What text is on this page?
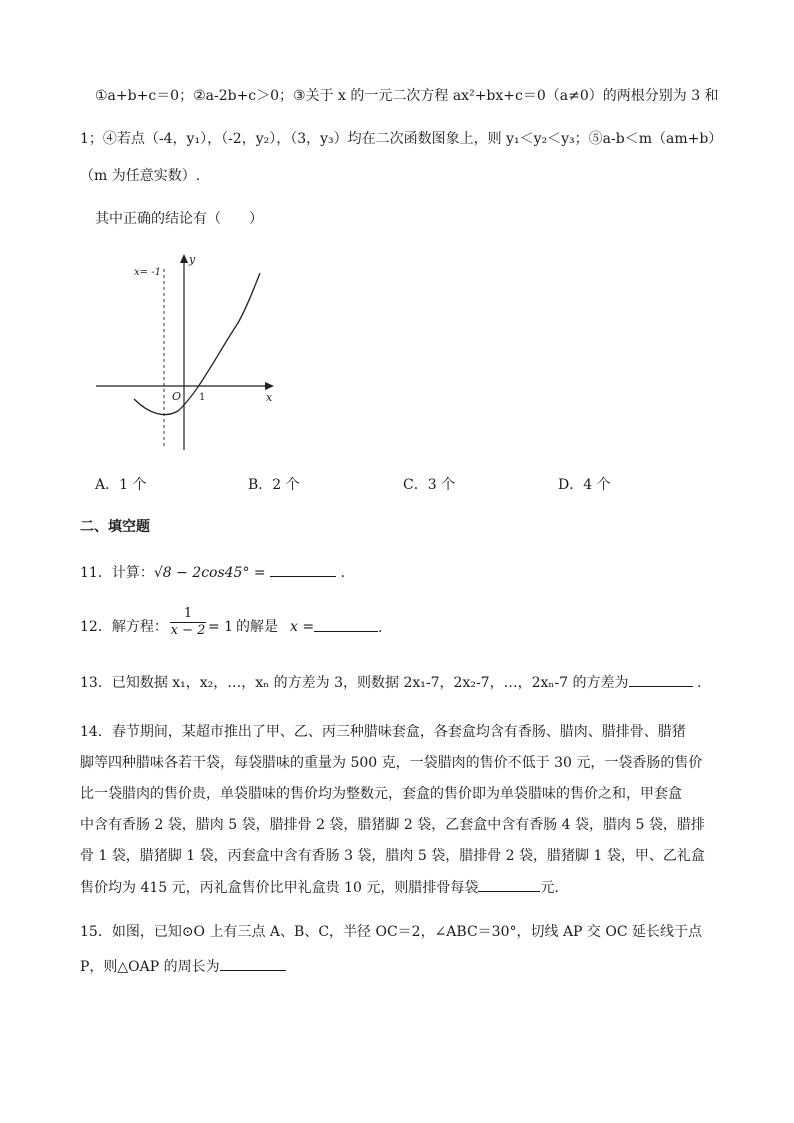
①a+b+c＝0；②a-2b+c＞0；③关于 x 的一元二次方程 ax²+bx+c＝0（a≠0）的两根分别为 3 和
1；④若点（-4，y₁），（-2，y₂），（3，y₃）均在二次函数图象上，则 y₁＜y₂＜y₃；⑤a-b＜m（am+b）
（m 为任意实数）.
其中正确的结论有（　　）
x= -1
y
x
O 1
A．1 个	B．2 个	C．3 个	D．4 个
二、填空题
11．计算：√8 − 2cos45° =	.
12．解方程： $\frac{1}{x - 2} = 1$ 的解是 x =	.
13．已知数据 x₁，x₂，…，xₙ 的方差为 3，则数据 2x₁-7，2x₂-7，…，2xₙ-7 的方差为	.
14．春节期间，某超市推出了甲、乙、丙三种腊味套盒，各套盒均含有香肠、腊肉、腊排骨、腊猪
脚等四种腊味各若干袋，每袋腊味的重量为 500 克，一袋腊肉的售价不低于 30 元，一袋香肠的售价
比一袋腊肉的售价贵，单袋腊味的售价均为整数元，套盒的售价即为单袋腊味的售价之和，甲套盒
中含有香肠 2 袋，腊肉 5 袋，腊排骨 2 袋，腊猪脚 2 袋，乙套盒中含有香肠 4 袋，腊肉 5 袋，腊排
骨 1 袋，腊猪脚 1 袋，丙套盒中含有香肠 3 袋，腊肉 5 袋，腊排骨 2 袋，腊猪脚 1 袋，甲、乙礼盒
售价均为 415 元，丙礼盒售价比甲礼盒贵 10 元，则腊排骨每袋	元.
15．如图，已知⊙O 上有三点 A、B、C，半径 OC＝2，∠ABC＝30°，切线 AP 交 OC 延长线于点
P，则△OAP 的周长为
